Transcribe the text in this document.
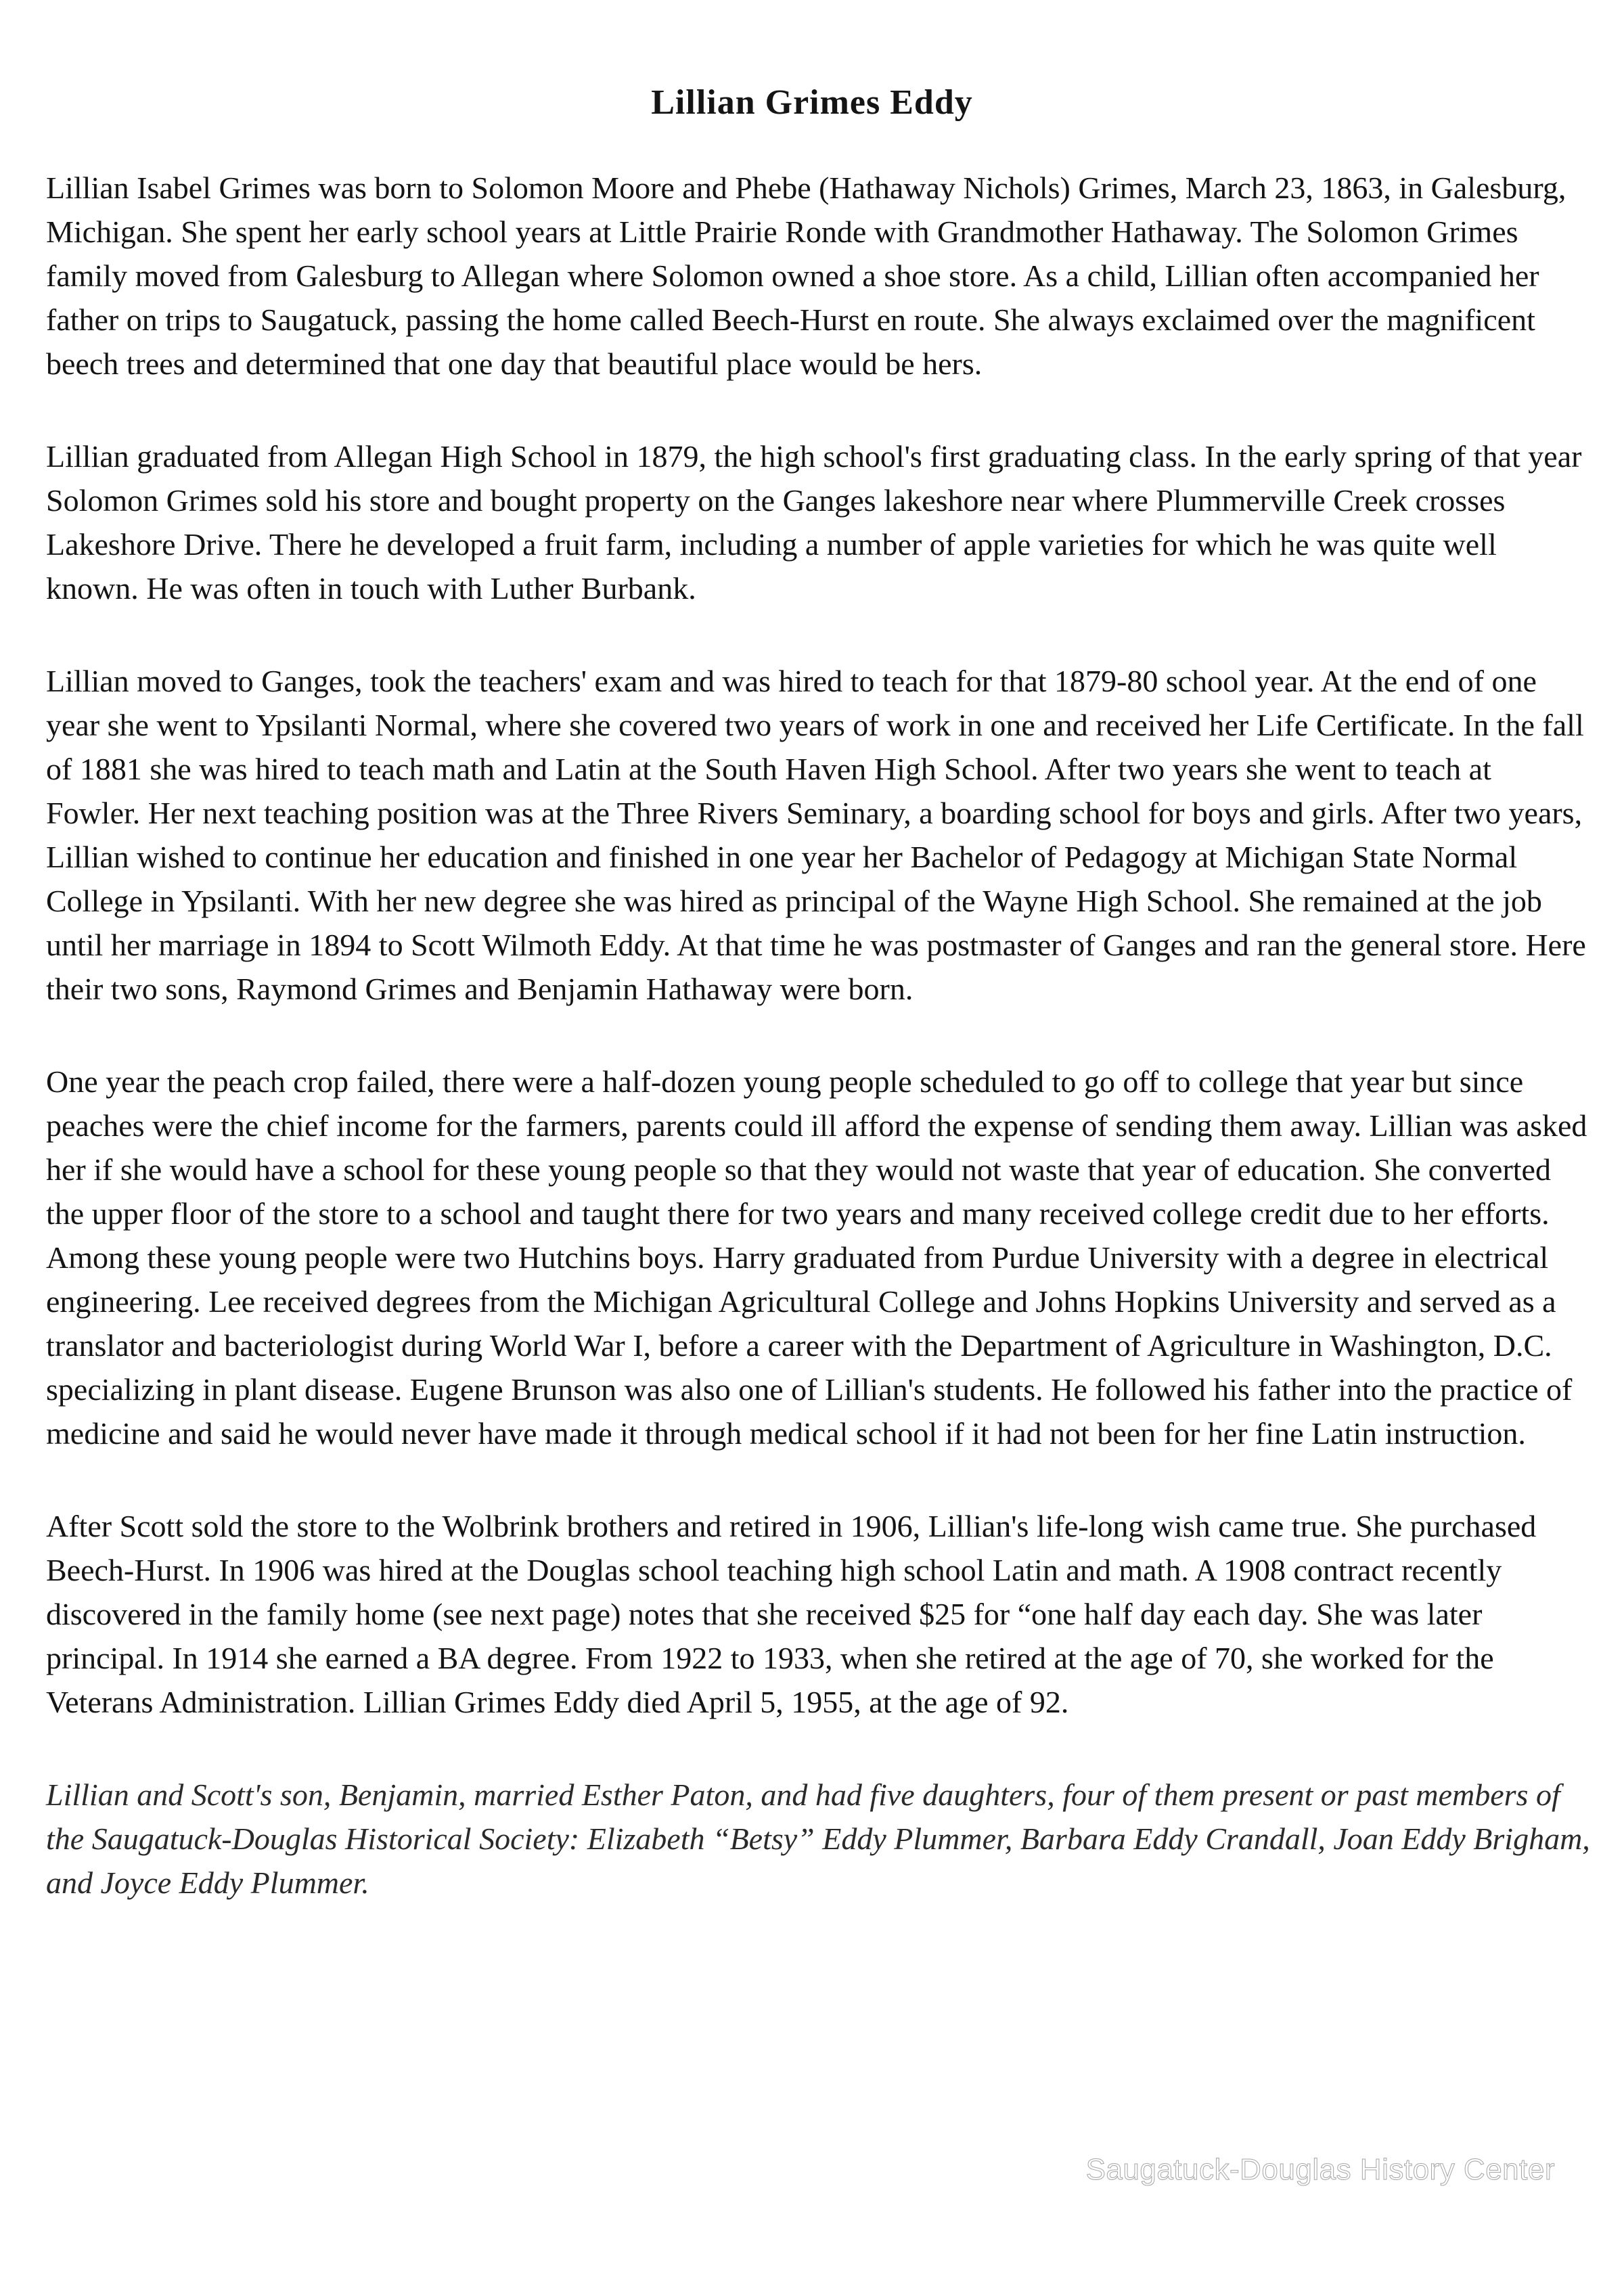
Lillian Grimes Eddy

Lillian Isabel Grimes was born to Solomon Moore and Phebe (Hathaway Nichols) Grimes, March 23, 1863, in Galesburg, Michigan. She spent her early school years at Little Prairie Ronde with Grandmother Hathaway. The Solomon Grimes family moved from Galesburg to Allegan where Solomon owned a shoe store. As a child, Lillian often accompanied her father on trips to Saugatuck, passing the home called Beech-Hurst en route. She always exclaimed over the magnificent beech trees and determined that one day that beautiful place would be hers.

Lillian graduated from Allegan High School in 1879, the high school's first graduating class. In the early spring of that year Solomon Grimes sold his store and bought property on the Ganges lakeshore near where Plummerville Creek crosses Lakeshore Drive. There he developed a fruit farm, including a number of apple varieties for which he was quite well known. He was often in touch with Luther Burbank.

Lillian moved to Ganges, took the teachers' exam and was hired to teach for that 1879-80 school year. At the end of one year she went to Ypsilanti Normal, where she covered two years of work in one and received her Life Certificate. In the fall of 1881 she was hired to teach math and Latin at the South Haven High School. After two years she went to teach at Fowler. Her next teaching position was at the Three Rivers Seminary, a boarding school for boys and girls. After two years, Lillian wished to continue her education and finished in one year her Bachelor of Pedagogy at Michigan State Normal College in Ypsilanti. With her new degree she was hired as principal of the Wayne High School. She remained at the job until her marriage in 1894 to Scott Wilmoth Eddy. At that time he was postmaster of Ganges and ran the general store. Here their two sons, Raymond Grimes and Benjamin Hathaway were born.

One year the peach crop failed, there were a half-dozen young people scheduled to go off to college that year but since peaches were the chief income for the farmers, parents could ill afford the expense of sending them away. Lillian was asked her if she would have a school for these young people so that they would not waste that year of education. She converted the upper floor of the store to a school and taught there for two years and many received college credit due to her efforts. Among these young people were two Hutchins boys. Harry graduated from Purdue University with a degree in electrical engineering. Lee received degrees from the Michigan Agricultural College and Johns Hopkins University and served as a translator and bacteriologist during World War I, before a career with the Department of Agriculture in Washington, D.C. specializing in plant disease. Eugene Brunson was also one of Lillian's students. He followed his father into the practice of medicine and said he would never have made it through medical school if it had not been for her fine Latin instruction.

After Scott sold the store to the Wolbrink brothers and retired in 1906, Lillian's life-long wish came true. She purchased Beech-Hurst. In 1906 was hired at the Douglas school teaching high school Latin and math. A 1908 contract recently discovered in the family home (see next page) notes that she received $25 for “one half day each day. She was later principal. In 1914 she earned a BA degree. From 1922 to 1933, when she retired at the age of 70, she worked for the Veterans Administration. Lillian Grimes Eddy died April 5, 1955, at the age of 92.

Lillian and Scott's son, Benjamin, married Esther Paton, and had five daughters, four of them present or past members of the Saugatuck-Douglas Historical Society: Elizabeth “Betsy” Eddy Plummer, Barbara Eddy Crandall, Joan Eddy Brigham, and Joyce Eddy Plummer.

Saugatuck-Douglas History Center
